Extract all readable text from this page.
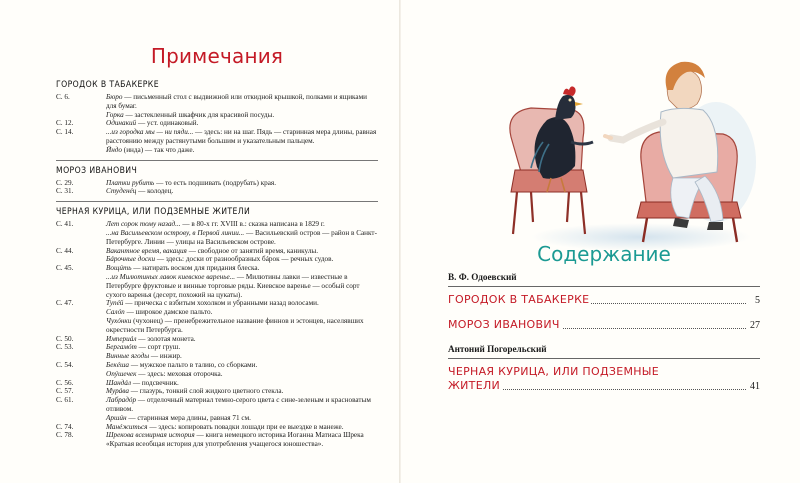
Примечания
ГОРОДОК В ТАБАКЕРКЕ
С. 6.	Бюро — письменный стол с выдвижной или откидной крышкой, полками и ящиками для бумаг.
Горка — застекленный шкафчик для красивой посуды.
С. 12.	Одинакий — уст. одинаковый.
С. 14.	...из городка мы — ни пяди... — здесь: ни на шаг. Пядь — старинная мера длины, равная расстоянию между растянутыми большим и указательным пальцем.
Йндо (инда) — так что даже.
МОРОЗ ИВАНОВИЧ
С. 29.	Платки рубить — то есть подшивать (подрубать) края.
С. 31.	Студенéц — колодец.
ЧЕРНАЯ КУРИЦА, ИЛИ ПОДЗЕМНЫЕ ЖИТЕЛИ
С. 41.	Лет сорок тому назад... — в 80-х гг. XVIII в.: сказка написана в 1829 г.
...на Васильевском острову, в Первой линии... — Васильевский остров — район в Санкт-Петербурге. Линии — улицы на Васильевском острове.
С. 44.	Вакантное время, вакация — свободное от занятий время, каникулы.
Бáрочные доски — здесь: доски от разнообразных бáрок — речных судов.
С. 45.	Вощúть — натирать воском для придания блеска.
...из Милютиных лавок киевское варенье... — Милютины лавки — известные в Петербурге фруктовые и винные торговые ряды. Киевское варенье — особый сорт сухого варенья (десерт, похожий на цукаты).
С. 47.	Тупéй — прическа с взбитым хохолком и убранными назад волосами.
Салóп — широкое дамское пальто.
Чухóнки (чухонец) — пренебрежительное название финнов и эстонцев, населявших окрестности Петербурга.
С. 50.	Империáл — золотая монета.
С. 53.	Бергамóт — сорт груш.
Винные ягоды — инжир.
С. 54.	Бекéша — мужское пальто в талию, со сборками.
Опýшечек — здесь: меховая оторочка.
С. 56.	Шандáл — подсвечник.
С. 57.	Мурáва — глазурь, тонкий слой жидкого цветного стекла.
С. 61.	Лабрадóр — отделочный материал темно-серого цвета с сине-зеленым и красноватым отливом.
Аршúн — старинная мера длины, равная 71 см.
С. 74.	Манéжиться — здесь: копировать повадки лошади при ее выездке в манеже.
С. 78.	Шрекова всемирная история — книга немецкого историка Иоганна Матиаса Шрека «Краткая всеобщая история для употребления учащегося юношества».
Содержание
В. Ф. Одоевский
ГОРОДОК В ТАБАКЕРКЕ	5
МОРОЗ ИВАНОВИЧ	27
Антоний Погорельский
ЧЕРНАЯ КУРИЦА, ИЛИ ПОДЗЕМНЫЕ
ЖИТЕЛИ	41
